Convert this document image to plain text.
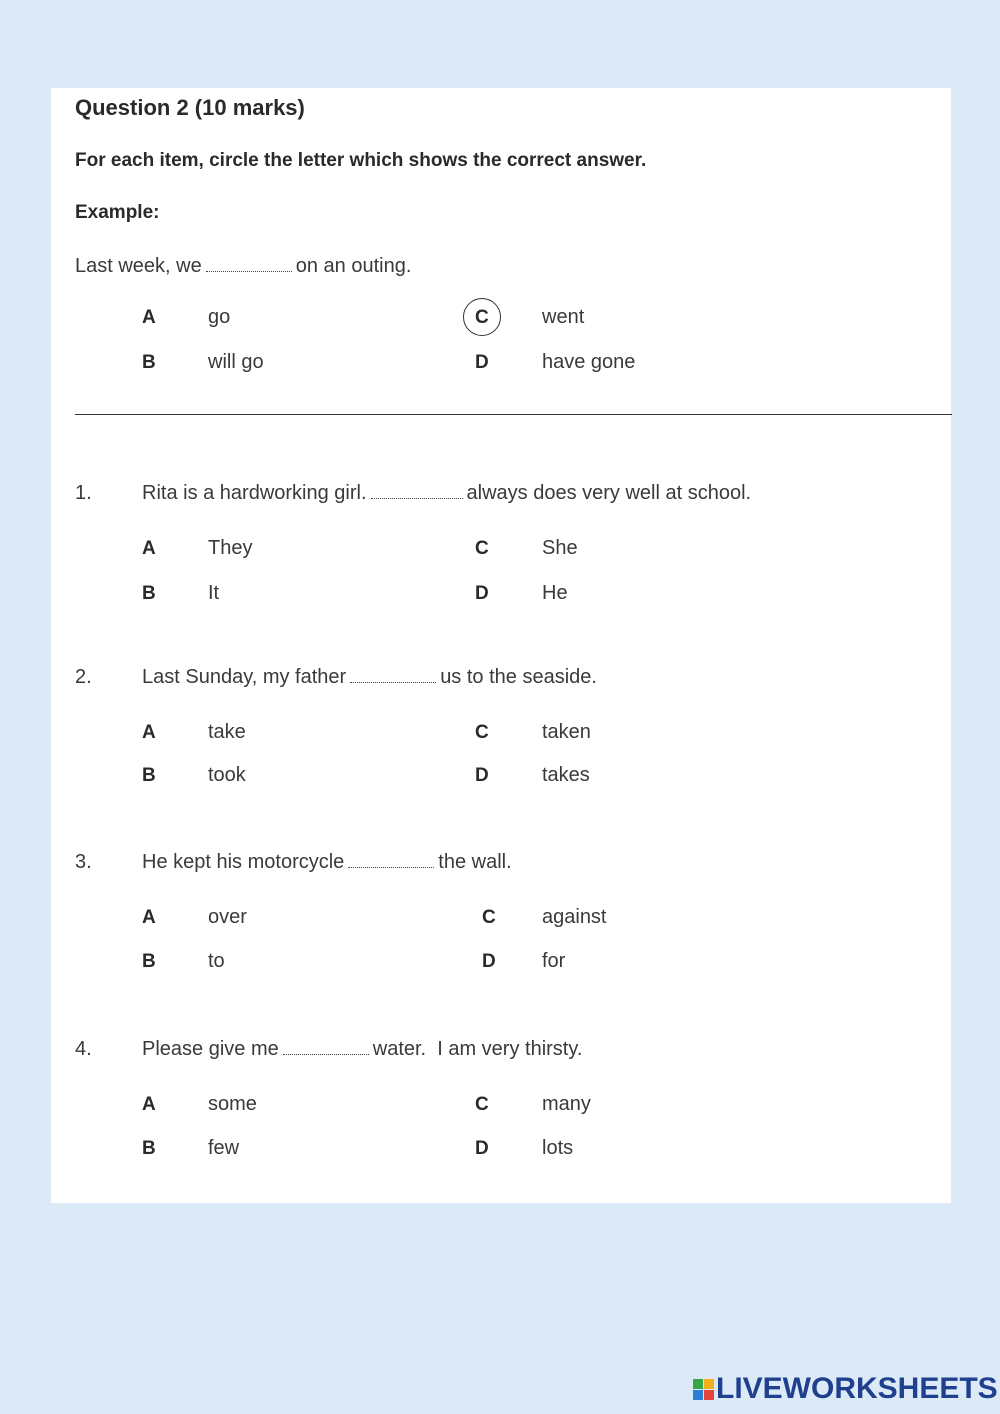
Question 2 (10 marks)
For each item, circle the letter which shows the correct answer.
Example:
Last week, we	on an outing.
A	go
B	will go
C	went
D	have gone
1.	Rita is a hardworking girl.	always does very well at school.
A	They
B	It
C	She
D	He
2.	Last Sunday, my father	us to the seaside.
A	take
B	took
C	taken
D	takes
3.	He kept his motorcycle	the wall.
A	over
B	to
C against
D for
4.	Please give me	water.  I am very thirsty.
A	some
B	few
C	many
D	lots
LIVEWORKSHEETS
